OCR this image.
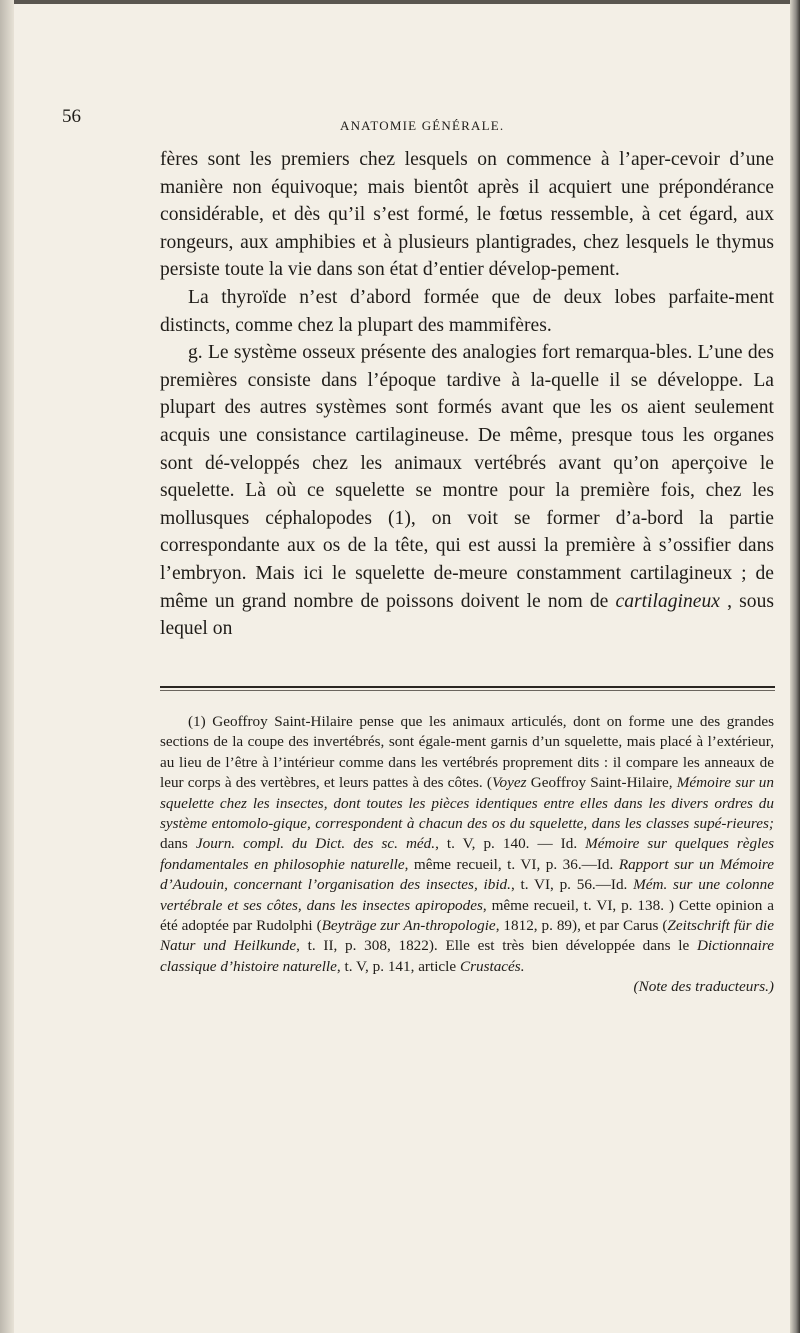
56	ANATOMIE GÉNÉRALE.

fères sont les premiers chez lesquels on commence à l’aper-cevoir d’une manière non équivoque; mais bientôt après il acquiert une prépondérance considérable, et dès qu’il s’est formé, le fœtus ressemble, à cet égard, aux rongeurs, aux amphibies et à plusieurs plantigrades, chez lesquels le thymus persiste toute la vie dans son état d’entier dévelop-pement.

La thyroïde n’est d’abord formée que de deux lobes parfaite-ment distincts, comme chez la plupart des mammifères.

g. Le système osseux présente des analogies fort remarqua-bles. L’une des premières consiste dans l’époque tardive à la-quelle il se développe. La plupart des autres systèmes sont formés avant que les os aient seulement acquis une consistance cartilagineuse. De même, presque tous les organes sont dé-veloppés chez les animaux vertébrés avant qu’on aperçoive le squelette. Là où ce squelette se montre pour la première fois, chez les mollusques céphalopodes (1), on voit se former d’a-bord la partie correspondante aux os de la tête, qui est aussi la première à s’ossifier dans l’embryon. Mais ici le squelette de-meure constamment cartilagineux ; de même un grand nombre de poissons doivent le nom de cartilagineux , sous lequel on

(1) Geoffroy Saint-Hilaire pense que les animaux articulés, dont on forme une des grandes sections de la coupe des invertébrés, sont égale-ment garnis d’un squelette, mais placé à l’extérieur, au lieu de l’être à l’intérieur comme dans les vertébrés proprement dits : il compare les anneaux de leur corps à des vertèbres, et leurs pattes à des côtes. (Voyez Geoffroy Saint-Hilaire, Mémoire sur un squelette chez les insectes, dont toutes les pièces identiques entre elles dans les divers ordres du système entomolo-gique, correspondent à chacun des os du squelette, dans les classes supé-rieures; dans Journ. compl. du Dict. des sc. méd., t. V, p. 140. — Id. Mémoire sur quelques règles fondamentales en philosophie naturelle, même recueil, t. VI, p. 36.—Id. Rapport sur un Mémoire d’Audouin, concernant l’organisation des insectes, ibid., t. VI, p. 56.—Id. Mém. sur une colonne vertébrale et ses côtes, dans les insectes apiropodes, même recueil, t. VI, p. 138. ) Cette opinion a été adoptée par Rudolphi (Beyträge zur An-thropologie, 1812, p. 89), et par Carus (Zeitschrift für die Natur und Heilkunde, t. II, p. 308, 1822). Elle est très bien développée dans le Dictionnaire classique d’histoire naturelle, t. V, p. 141, article Crustacés.

(Note des traducteurs.)
